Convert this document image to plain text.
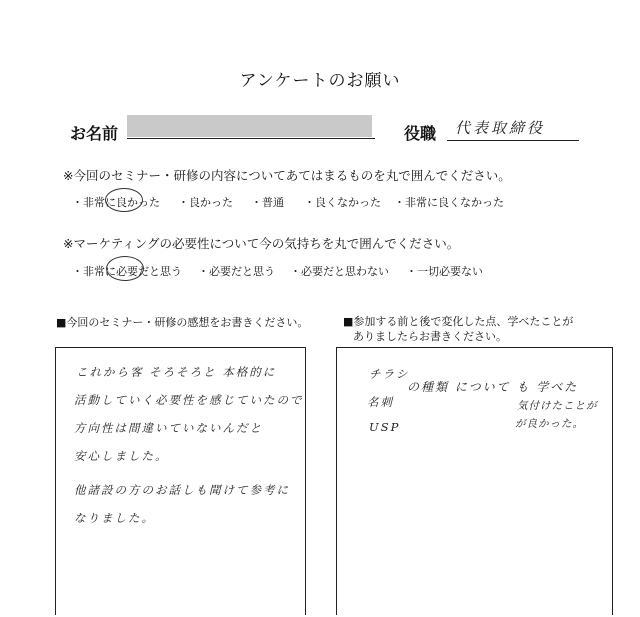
アンケートのお願い
お名前	役職 代表取締役
※今回のセミナー・研修の内容についてあてはまるものを丸で囲んでください。
・非常に良かった ・良かった ・普通 ・良くなかった ・非常に良くなかった
※マーケティングの必要性について今の気持ちを丸で囲んでください。
・非常に必要だと思う ・必要だと思う ・必要だと思わない ・一切必要ない
■今回のセミナー・研修の感想をお書きください。
これから客 そろそろと 本格的に
活動していく必要性を感じていたので
方向性は間違いていないんだと
安心しました。
他諸設の方のお話しも聞けて参考に
なりました。
■参加する前と後で変化した点、学べたことが
ありましたらお書きください。
チラシ
名刺
USP
の種類 について も 学べた
気付けたことが
が良かった。
